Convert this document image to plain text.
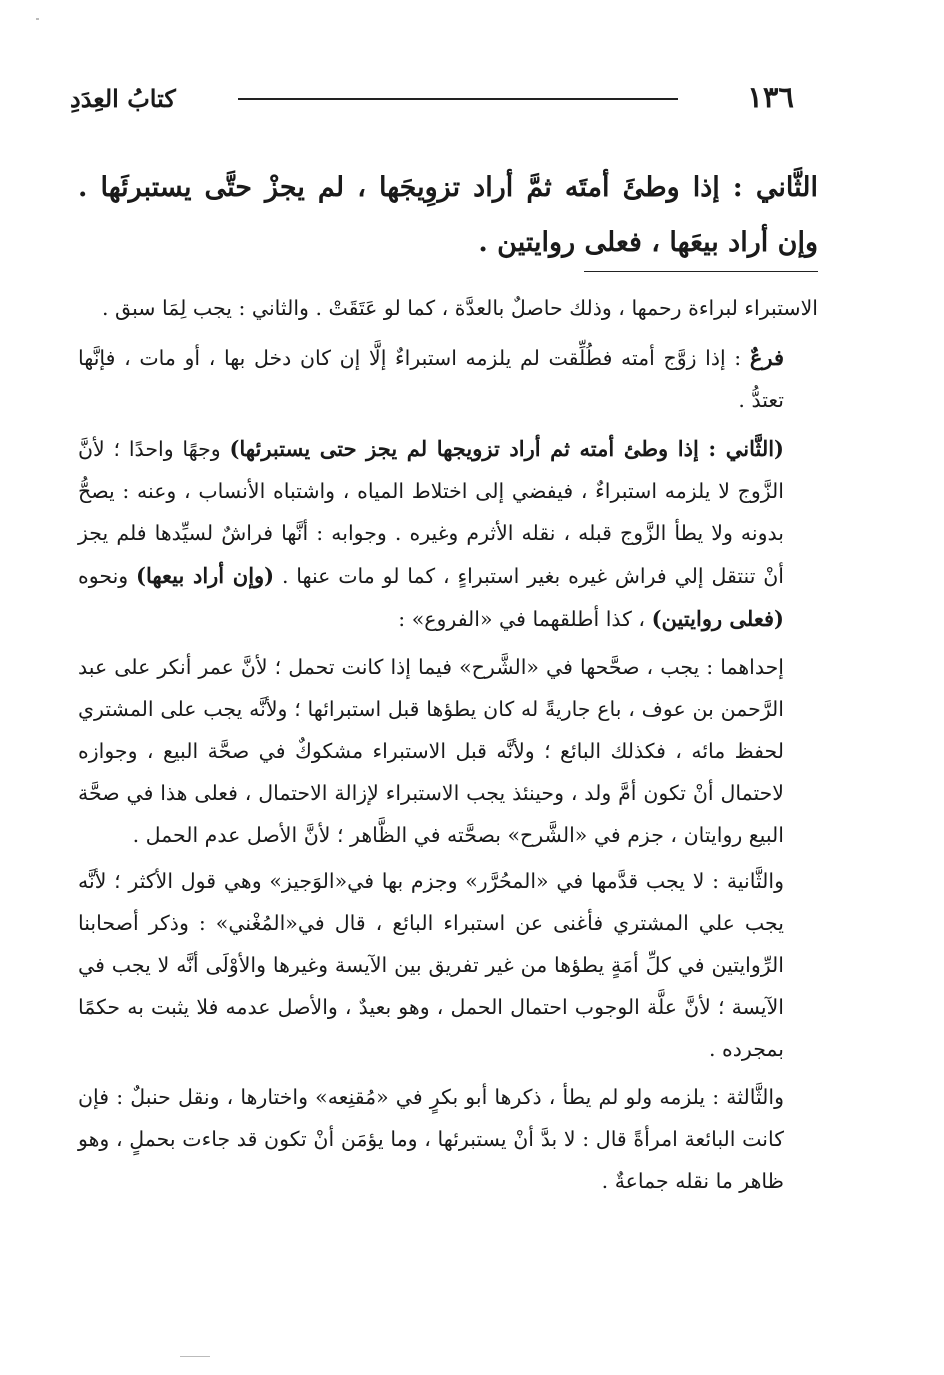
١٣٦
كتابُ العِدَدِ
الثَّاني : إذا وطئَ أمتَه ثمَّ أراد تزوِيجَها ، لم يجزْ حتَّى يستبرئَها . وإن أراد بيعَها ، فعلى روايتين .

الاستبراء لبراءة رحمها ، وذلك حاصلٌ بالعدَّة ، كما لو عَتَقَتْ . والثاني : يجب لِمَا سبق .

فرعٌ : إذا زوَّج أمته فطُلِّقت لم يلزمه استبراءٌ إلَّا إن كان دخل بها ، أو مات ، فإنَّها تعتدُّ .

(الثَّاني : إذا وطئ أمته ثم أراد تزويجها لم يجز حتى يستبرئها) وجهًا واحدًا ؛ لأنَّ الزَّوج لا يلزمه استبراءٌ ، فيفضي إلى اختلاط المياه ، واشتباه الأنساب ، وعنه : يصحُّ بدونه ولا يطأ الزَّوج قبله ، نقله الأثرم وغيره . وجوابه : أنَّها فراشٌ لسيِّدها فلم يجز أنْ تنتقل إلي فراش غيره بغير استبراءٍ ، كما لو مات عنها . (وإن أراد بيعها) ونحوه (فعلى روايتين) ، كذا أطلقهما في «الفروع» :

إحداهما : يجب ، صحَّحها في «الشَّرح» فيما إذا كانت تحمل ؛ لأنَّ عمر أنكر على عبد الرَّحمن بن عوف ، باع جاريةً له كان يطؤها قبل استبرائها ؛ ولأنَّه يجب على المشتري لحفظ مائه ، فكذلك البائع ؛ ولأنَّه قبل الاستبراء مشكوكٌ في صحَّة البيع ، وجوازه لاحتمال أنْ تكون أمَّ ولد ، وحينئذ يجب الاستبراء لإزالة الاحتمال ، فعلى هذا في صحَّة البيع روايتان ، جزم في «الشَّرح» بصحَّته في الظَّاهر ؛ لأنَّ الأصل عدم الحمل .

والثَّانية : لا يجب قدَّمها في «المحُرَّر» وجزم بها في«الوَجيز» وهي قول الأكثر ؛ لأنَّه يجب علي المشتري فأغنى عن استبراء البائع ، قال في«المُغْني» : وذكر أصحابنا الرِّوايتين في كلِّ أمَةٍ يطؤها من غير تفريق بين الآيسة وغيرها والأوْلَى أنَّه لا يجب في الآيسة ؛ لأنَّ علَّة الوجوب احتمال الحمل ، وهو بعيدٌ ، والأصل عدمه فلا يثبت به حكمًا بمجرده .

والثَّالثة : يلزمه ولو لم يطأ ، ذكرها أبو بكرٍ في «مُقنِعه» واختارها ، ونقل حنبلٌ : فإن كانت البائعة امرأةً قال : لا بدَّ أنْ يستبرئها ، وما يؤمَن أنْ تكون قد جاءت بحملٍ ، وهو ظاهر ما نقله جماعةٌ .
